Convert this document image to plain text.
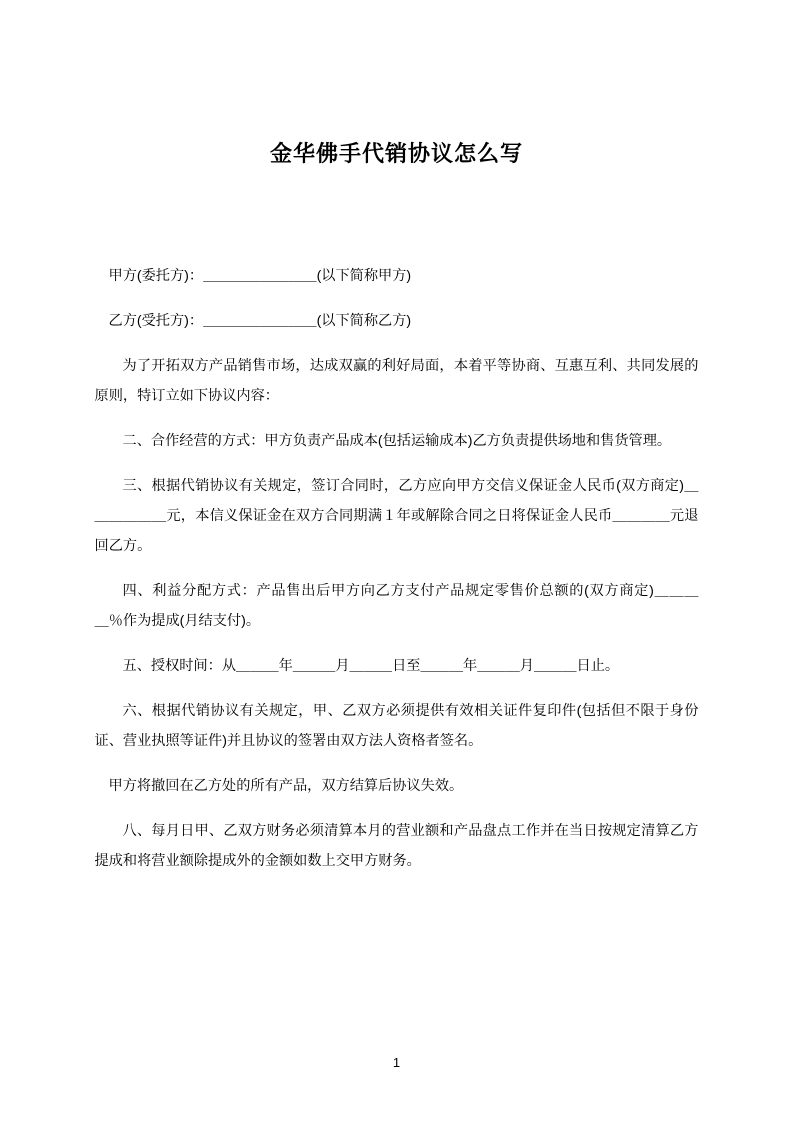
金华佛手代销协议怎么写

甲方(委托方)：＿＿＿＿＿＿＿＿(以下简称甲方)

乙方(受托方)：＿＿＿＿＿＿＿＿(以下简称乙方)

为了开拓双方产品销售市场，达成双赢的利好局面，本着平等协商、互惠互利、共同发展的原则，特订立如下协议内容：

二、合作经营的方式：甲方负责产品成本(包括运输成本)乙方负责提供场地和售货管理。

三、根据代销协议有关规定，签订合同时，乙方应向甲方交信义保证金人民币(双方商定)＿＿＿＿＿＿元，本信义保证金在双方合同期满１年或解除合同之日将保证金人民币＿＿＿＿元退回乙方。

四、利益分配方式：产品售出后甲方向乙方支付产品规定零售价总额的(双方商定)＿＿＿＿％作为提成(月结支付)。

五、授权时间：从＿＿＿年＿＿＿月＿＿＿日至＿＿＿年＿＿＿月＿＿＿日止。

六、根据代销协议有关规定，甲、乙双方必须提供有效相关证件复印件(包括但不限于身份证、营业执照等证件)并且协议的签署由双方法人资格者签名。

甲方将撤回在乙方处的所有产品，双方结算后协议失效。

八、每月日甲、乙双方财务必须清算本月的营业额和产品盘点工作并在当日按规定清算乙方提成和将营业额除提成外的金额如数上交甲方财务。

1
